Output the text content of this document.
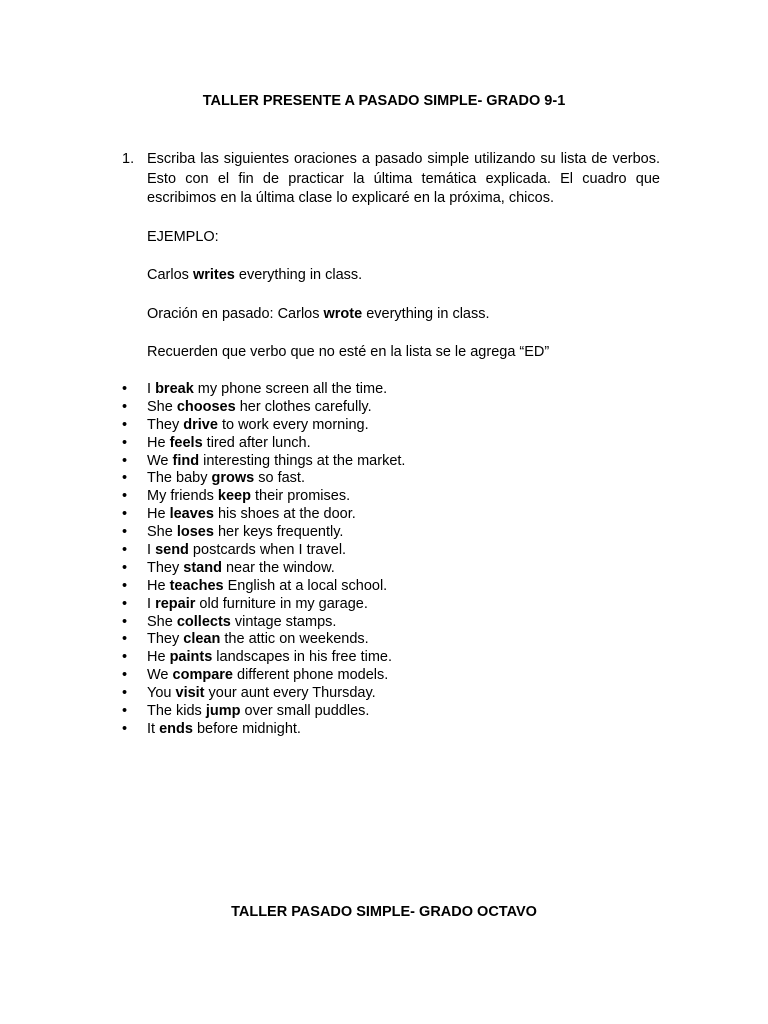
TALLER PRESENTE A PASADO SIMPLE- GRADO 9-1
1. Escriba las siguientes oraciones a pasado simple utilizando su lista de verbos. Esto con el fin de practicar la última temática explicada. El cuadro que escribimos en la última clase lo explicaré en la próxima, chicos.

EJEMPLO:

Carlos writes everything in class.

Oración en pasado: Carlos wrote everything in class.

Recuerden que verbo que no esté en la lista se le agrega “ED”

• I break my phone screen all the time.
• She chooses her clothes carefully.
• They drive to work every morning.
• He feels tired after lunch.
• We find interesting things at the market.
• The baby grows so fast.
• My friends keep their promises.
• He leaves his shoes at the door.
• She loses her keys frequently.
• I send postcards when I travel.
• They stand near the window.
• He teaches English at a local school.
• I repair old furniture in my garage.
• She collects vintage stamps.
• They clean the attic on weekends.
• He paints landscapes in his free time.
• We compare different phone models.
• You visit your aunt every Thursday.
• The kids jump over small puddles.
• It ends before midnight.
TALLER PASADO SIMPLE- GRADO OCTAVO
